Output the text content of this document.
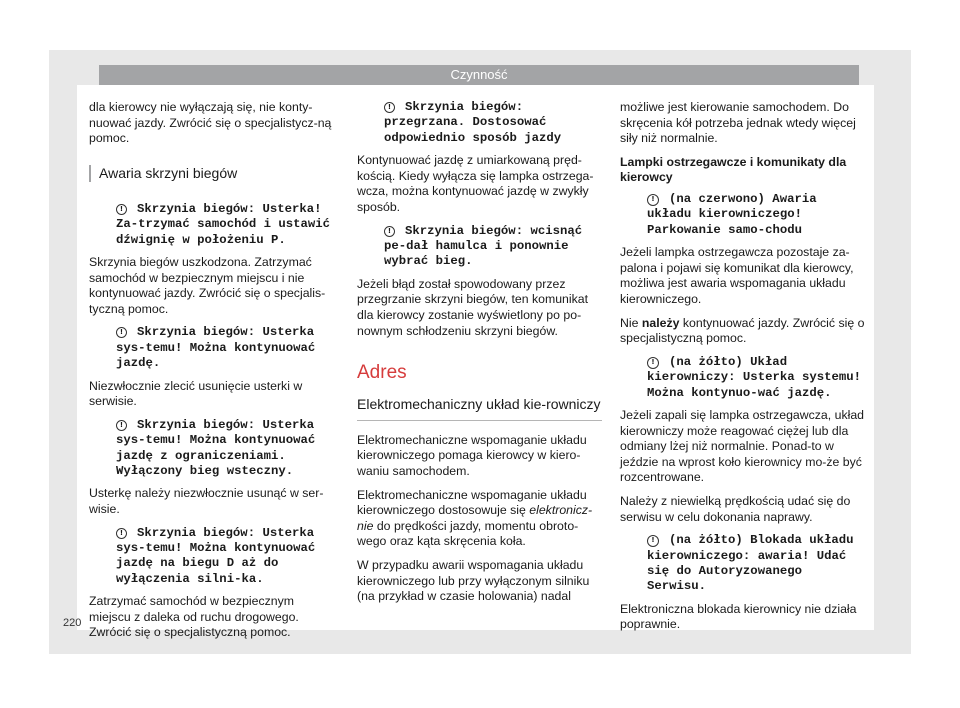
Czynność

dla kierowcy nie wyłączają się, nie konty-nuować jazdy. Zwrócić się o specjalistycz-ną pomoc.

Awaria skrzyni biegów

! Skrzynia biegów: Usterka! Za-trzymać samochód i ustawić dźwignię w położeniu P.

Skrzynia biegów uszkodzona. Zatrzymać samochód w bezpiecznym miejscu i nie kontynuować jazdy. Zwrócić się o specjalis-tyczną pomoc.

! Skrzynia biegów: Usterka sys-temu! Można kontynuować jazdę.

Niezwłocznie zlecić usunięcie usterki w serwisie.

! Skrzynia biegów: Usterka sys-temu! Można kontynuować jazdę z ograniczeniami. Wyłączony bieg wsteczny.

Usterkę należy niezwłocznie usunąć w ser-wisie.

! Skrzynia biegów: Usterka sys-temu! Można kontynuować jazdę na biegu D aż do wyłączenia silni-ka.

Zatrzymać samochód w bezpiecznym miejscu z daleka od ruchu drogowego. Zwrócić się o specjalistyczną pomoc.

! Skrzynia biegów: przegrzana. Dostosować odpowiednio sposób jazdy

Kontynuować jazdę z umiarkowaną pręd-kością. Kiedy wyłącza się lampka ostrzega-wcza, można kontynuować jazdę w zwykły sposób.

! Skrzynia biegów: wcisnąć pe-dał hamulca i ponownie wybrać bieg.

Jeżeli błąd został spowodowany przez przegrzanie skrzyni biegów, ten komunikat dla kierowcy zostanie wyświetlony po po-nownym schłodzeniu skrzyni biegów.

Adres
Elektromechaniczny układ kie-rowniczy

Elektromechaniczne wspomaganie układu kierowniczego pomaga kierowcy w kiero-waniu samochodem.

Elektromechaniczne wspomaganie układu kierowniczego dostosowuje się elektronicz-nie do prędkości jazdy, momentu obroto-wego oraz kąta skręcenia koła.

W przypadku awarii wspomagania układu kierowniczego lub przy wyłączonym silniku (na przykład w czasie holowania) nadal

możliwe jest kierowanie samochodem. Do skręcenia kół potrzeba jednak wtedy więcej siły niż normalnie.

Lampki ostrzegawcze i komunikaty dla kierowcy

! (na czerwono) Awaria układu kierowniczego! Parkowanie samo-chodu

Jeżeli lampka ostrzegawcza pozostaje za-palona i pojawi się komunikat dla kierowcy, możliwa jest awaria wspomagania układu kierowniczego.

Nie należy kontynuować jazdy. Zwrócić się o specjalistyczną pomoc.

! (na żółto) Układ kierowniczy: Usterka systemu! Można kontynuo-wać jazdę.

Jeżeli zapali się lampka ostrzegawcza, układ kierowniczy może reagować ciężej lub dla odmiany lżej niż normalnie. Ponad-to w jeździe na wprost koło kierownicy mo-że być rozcentrowane.

Należy z niewielką prędkością udać się do serwisu w celu dokonania naprawy.

! (na żółto) Blokada układu kierowniczego: awaria! Udać się do Autoryzowanego Serwisu.

Elektroniczna blokada kierownicy nie działa poprawnie.

220
